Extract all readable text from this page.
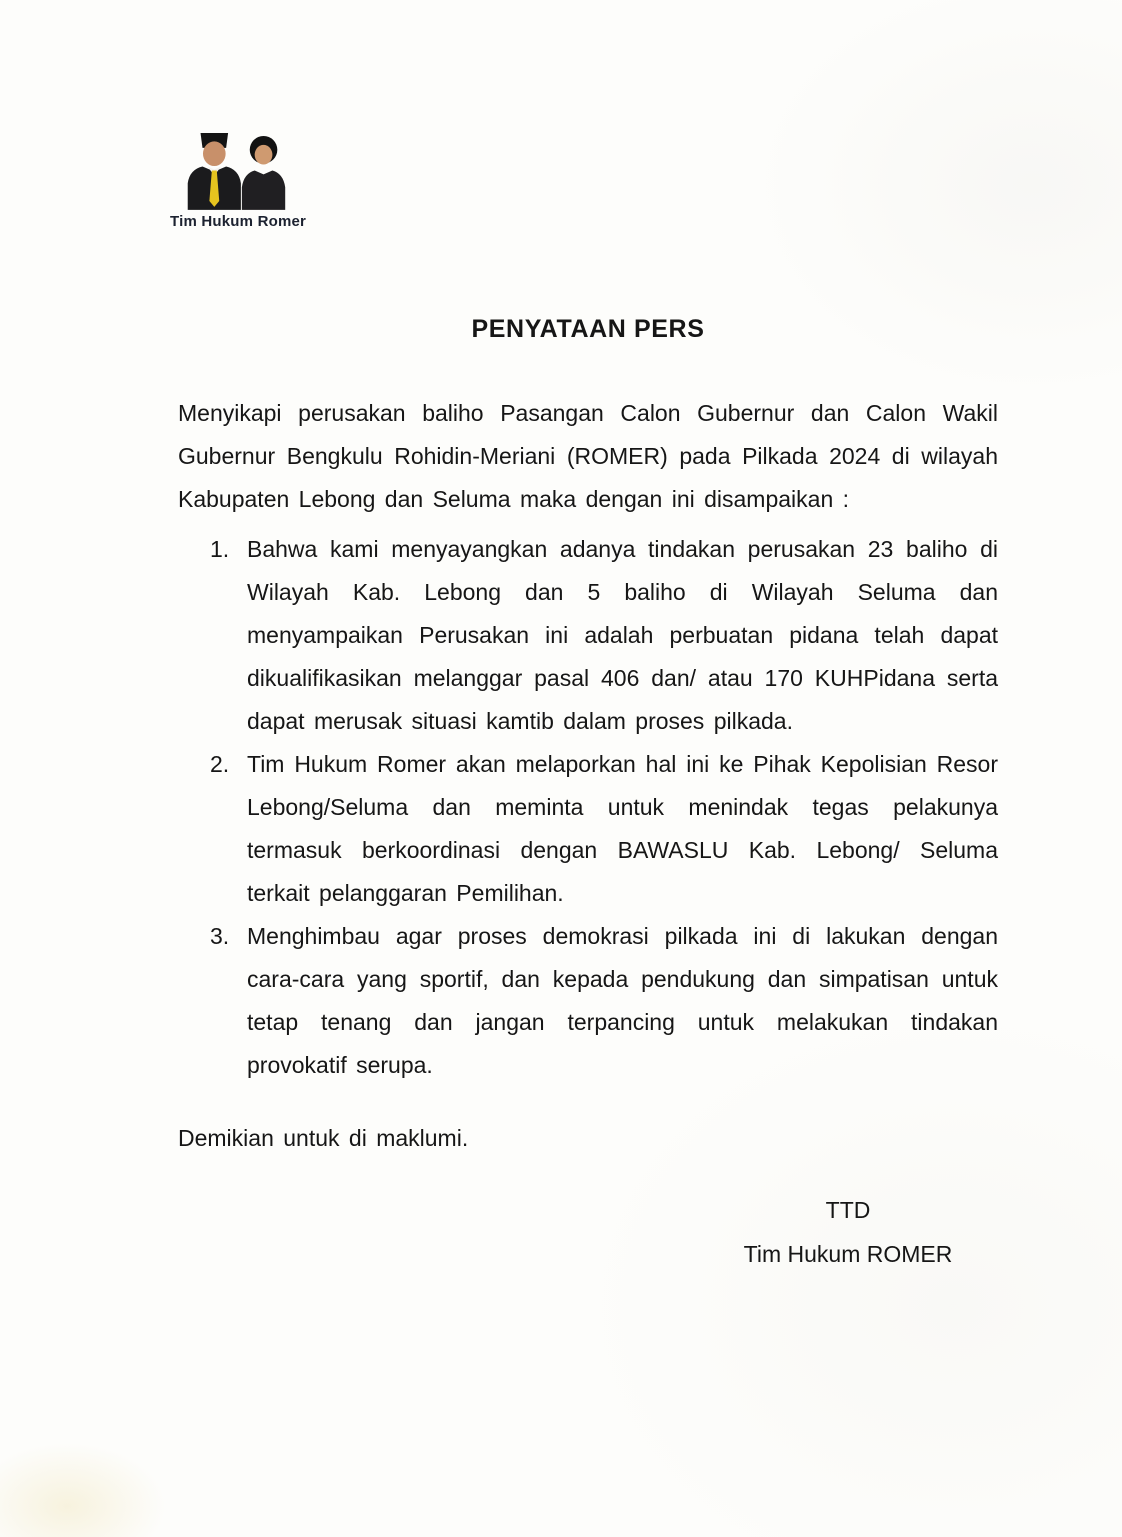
Tim Hukum Romer
PENYATAAN PERS

Menyikapi perusakan baliho Pasangan Calon Gubernur dan Calon Wakil Gubernur Bengkulu Rohidin-Meriani (ROMER) pada Pilkada 2024 di wilayah Kabupaten Lebong dan Seluma maka dengan ini disampaikan :

1. Bahwa kami menyayangkan adanya tindakan perusakan 23 baliho di Wilayah Kab. Lebong dan 5 baliho di Wilayah Seluma dan menyampaikan Perusakan ini adalah perbuatan pidana telah dapat dikualifikasikan melanggar pasal 406 dan/ atau 170 KUHPidana serta dapat merusak situasi kamtib dalam proses pilkada.
2. Tim Hukum Romer akan melaporkan hal ini ke Pihak Kepolisian Resor Lebong/Seluma dan meminta untuk menindak tegas pelakunya termasuk berkoordinasi dengan BAWASLU Kab. Lebong/ Seluma terkait pelanggaran Pemilihan.
3. Menghimbau agar proses demokrasi pilkada ini di lakukan dengan cara-cara yang sportif, dan kepada pendukung dan simpatisan untuk tetap tenang dan jangan terpancing untuk melakukan tindakan provokatif serupa.

Demikian untuk di maklumi.

TTD
Tim Hukum ROMER
